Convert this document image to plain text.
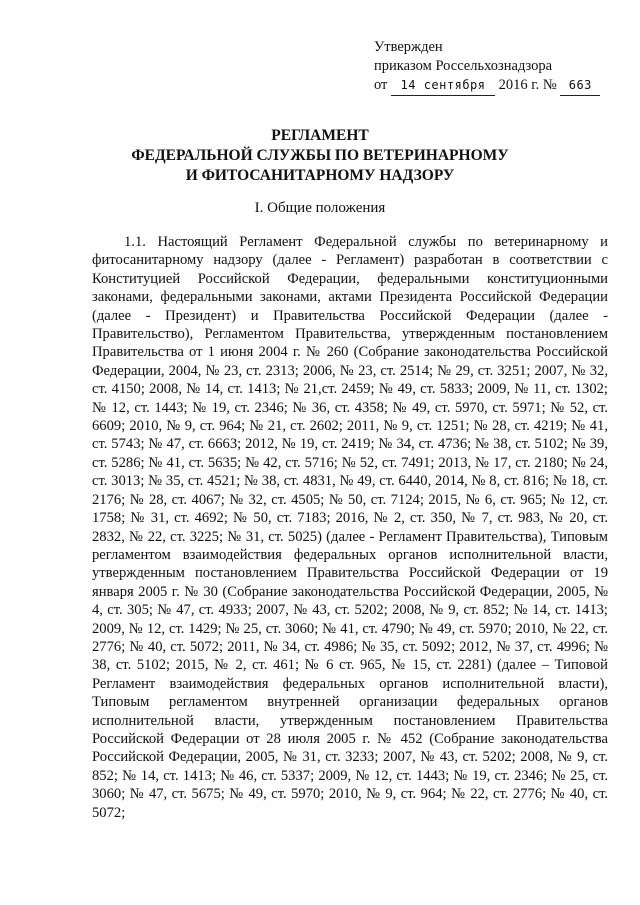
Утвержден
приказом Россельхознадзора
от 14 сентября 2016 г. № 663
РЕГЛАМЕНТ
ФЕДЕРАЛЬНОЙ СЛУЖБЫ ПО ВЕТЕРИНАРНОМУ
И ФИТОСАНИТАРНОМУ НАДЗОРУ
I. Общие положения

1.1. Настоящий Регламент Федеральной службы по ветеринарному и фитосанитарному надзору (далее - Регламент) разработан в соответствии с Конституцией Российской Федерации, федеральными конституционными законами, федеральными законами, актами Президента Российской Федерации (далее - Президент) и Правительства Российской Федерации (далее - Правительство), Регламентом Правительства, утвержденным постановлением Правительства от 1 июня 2004 г. № 260 (Собрание законодательства Российской Федерации, 2004, № 23, ст. 2313; 2006, № 23, ст. 2514; № 29, ст. 3251; 2007, № 32, ст. 4150; 2008, № 14, ст. 1413; № 21,ст. 2459; № 49, ст. 5833; 2009, № 11, ст. 1302; № 12, ст. 1443; № 19, ст. 2346; № 36, ст. 4358; № 49, ст. 5970, ст. 5971; № 52, ст. 6609; 2010, № 9, ст. 964; № 21, ст. 2602; 2011, № 9, ст. 1251; № 28, ст. 4219; № 41, ст. 5743; № 47, ст. 6663; 2012, № 19, ст. 2419; № 34, ст. 4736; № 38, ст. 5102; № 39, ст. 5286; № 41, ст. 5635; № 42, ст. 5716; № 52, ст. 7491; 2013, № 17, ст. 2180; № 24, ст. 3013; № 35, ст. 4521; № 38, ст. 4831, № 49, ст. 6440, 2014, № 8, ст. 816; № 18, ст. 2176; № 28, ст. 4067; № 32, ст. 4505; № 50, ст. 7124; 2015, № 6, ст. 965; № 12, ст. 1758; № 31, ст. 4692; № 50, ст. 7183; 2016, № 2, ст. 350, № 7, ст. 983, № 20, ст. 2832, № 22, ст. 3225; № 31, ст. 5025) (далее - Регламент Правительства), Типовым регламентом взаимодействия федеральных органов исполнительной власти, утвержденным постановлением Правительства Российской Федерации от 19 января 2005 г. № 30 (Собрание законодательства Российской Федерации, 2005, № 4, ст. 305; № 47, ст. 4933; 2007, № 43, ст. 5202; 2008, № 9, ст. 852; № 14, ст. 1413; 2009, № 12, ст. 1429; № 25, ст. 3060; № 41, ст. 4790; № 49, ст. 5970; 2010, № 22, ст. 2776; № 40, ст. 5072; 2011, № 34, ст. 4986; № 35, ст. 5092; 2012, № 37, ст. 4996; № 38, ст. 5102; 2015, № 2, ст. 461; № 6 ст. 965, № 15, ст. 2281) (далее – Типовой Регламент взаимодействия федеральных органов исполнительной власти), Типовым регламентом внутренней организации федеральных органов исполнительной власти, утвержденным постановлением Правительства Российской Федерации от 28 июля 2005 г. № 452 (Собрание законодательства Российской Федерации, 2005, № 31, ст. 3233; 2007, № 43, ст. 5202; 2008, № 9, ст. 852; № 14, ст. 1413; № 46, ст. 5337; 2009, № 12, ст. 1443; № 19, ст. 2346; № 25, ст. 3060; № 47, ст. 5675; № 49, ст. 5970; 2010, № 9, ст. 964; № 22, ст. 2776; № 40, ст. 5072;
